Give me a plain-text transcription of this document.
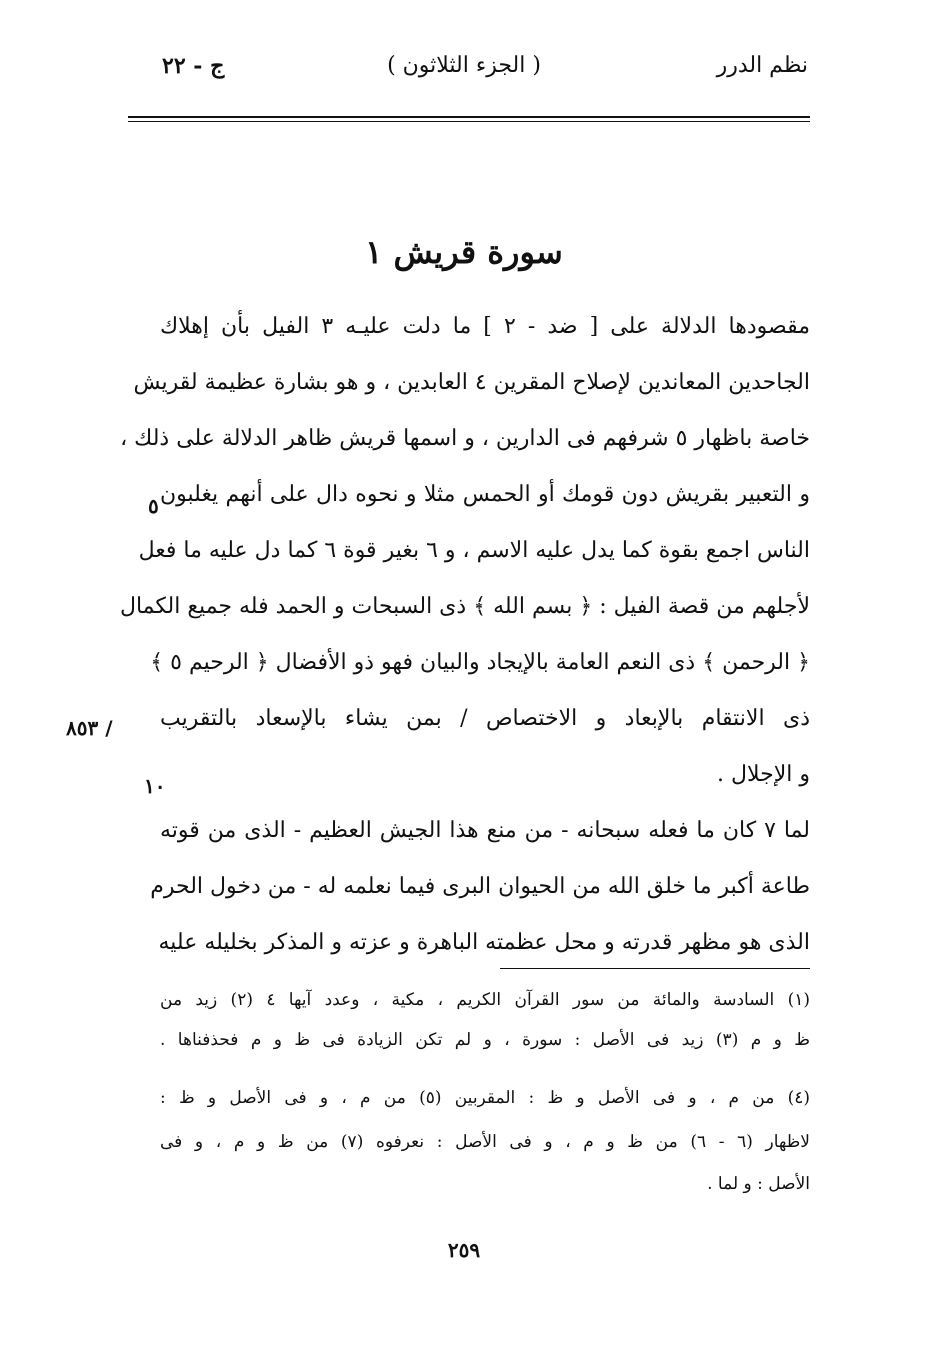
نظم الدرر
( الجزء الثلاثون )
ج - ٢٢
سورة قريش ١
مقصودها الدلالة على [ ضد - ٢ ] ما دلت عليـه ٣ الفيل بأن إهلاك
الجاحدين المعاندين لإصلاح المقرين ٤ العابدين ، و هو بشارة عظيمة لقريش
خاصة باظهار ٥ شرفهم فى الدارين ، و اسمها قريش ظاهر الدلالة على ذلك ،
و التعبير بقريش دون قومك أو الحمس مثلا و نحوه دال على أنهم يغلبون
الناس اجمع بقوة كما يدل عليه الاسم ، و ٦ بغير قوة ٦ كما دل عليه ما فعل
لأجلهم من قصة الفيل : ﴿ بسم الله ﴾ ذى السبحات و الحمد فله جميع الكمال
﴿ الرحمن ﴾ ذى النعم العامة بالإيجاد والبيان فهو ذو الأفضال ﴿ الرحيم ٥ ﴾
ذى الانتقام بالإبعاد و الاختصاص / بمن يشاء بالإسعاد بالتقريب
و الإجلال .
لما ٧ كان ما فعله سبحانه - من منع هذا الجيش العظيم - الذى من قوته
طاعة أكبر ما خلق الله من الحيوان البرى فيما نعلمه له - من دخول الحرم
الذى هو مظهر قدرته و محل عظمته الباهرة و عزته و المذكر بخليله عليه
٥
١٠
/ ٨٥٣
(١) السادسة والمائة من سور القرآن الكريم ، مكية ، وعدد آيها ٤ (٢) زيد من
ظ و م (٣) زيد فى الأصل : سورة ، و لم تكن الزيادة فى ظ و م فحذفناها .
(٤) من م ، و فى الأصل و ظ : المقربين (٥) من م ، و فى الأصل و ظ :
لاظهار (٦ - ٦) من ظ و م ، و فى الأصل : نعرفوه (٧) من ظ و م ، و فى
الأصل : و لما .
٢٥٩
